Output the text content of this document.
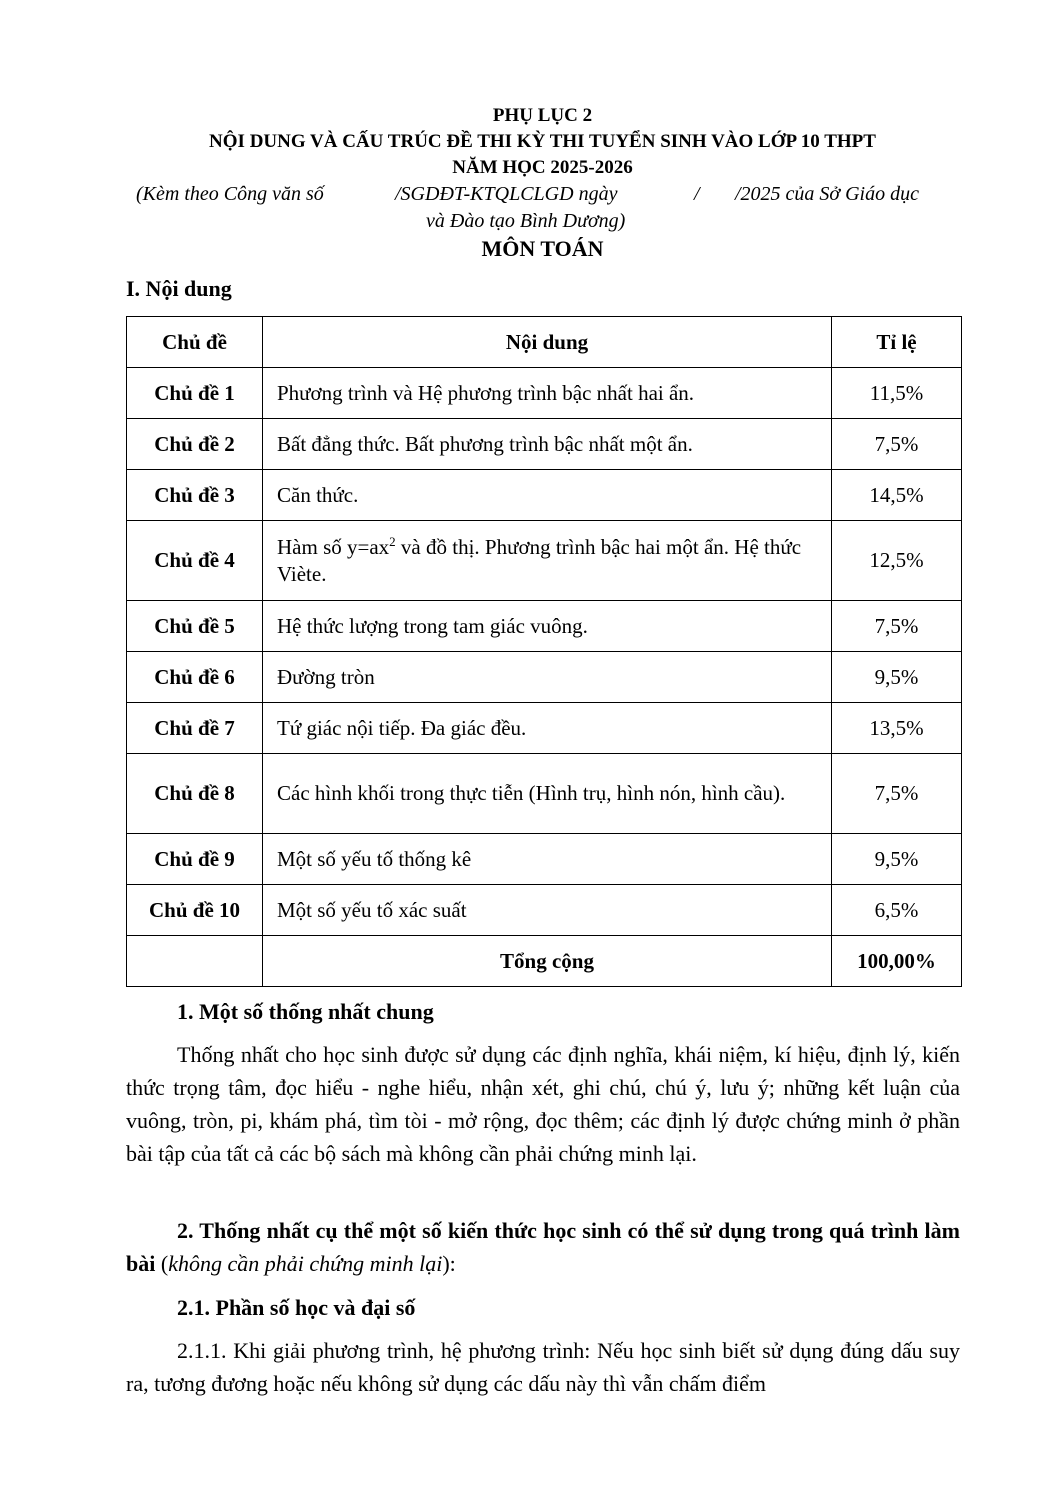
PHỤ LỤC 2
NỘI DUNG VÀ CẤU TRÚC ĐỀ THI KỲ THI TUYỂN SINH VÀO LỚP 10 THPT
NĂM HỌC 2025-2026
(Kèm theo Công văn số	/SGDĐT-KTQLCLGD ngày	/ /2025 của Sở Giáo dục
và Đào tạo Bình Dương)
MÔN TOÁN
I. Nội dung
Chủ đề	Nội dung	Tỉ lệ
Chủ đề 1	Phương trình và Hệ phương trình bậc nhất hai ẩn.	11,5%
Chủ đề 2	Bất đẳng thức. Bất phương trình bậc nhất một ẩn.	7,5%
Chủ đề 3	Căn thức.	14,5%
Chủ đề 4	Hàm số $y=ax^2$ và đồ thị. Phương trình bậc hai một ẩn. Hệ thức Viète.	12,5%
Chủ đề 5	Hệ thức lượng trong tam giác vuông.	7,5%
Chủ đề 6	Đường tròn	9,5%
Chủ đề 7	Tứ giác nội tiếp. Đa giác đều.	13,5%
Chủ đề 8	Các hình khối trong thực tiễn (Hình trụ, hình nón, hình cầu).	7,5%
Chủ đề 9	Một số yếu tố thống kê	9,5%
Chủ đề 10	Một số yếu tố xác suất	6,5%
	Tổng cộng	100,00%
1. Một số thống nhất chung
Thống nhất cho học sinh được sử dụng các định nghĩa, khái niệm, kí hiệu, định lý, kiến thức trọng tâm, đọc hiểu - nghe hiểu, nhận xét, ghi chú, chú ý, lưu ý; những kết luận của vuông, tròn, pi, khám phá, tìm tòi - mở rộng, đọc thêm; các định lý được chứng minh ở phần bài tập của tất cả các bộ sách mà không cần phải chứng minh lại.
2. Thống nhất cụ thể một số kiến thức học sinh có thể sử dụng trong quá trình làm bài (không cần phải chứng minh lại):
2.1. Phần số học và đại số
2.1.1. Khi giải phương trình, hệ phương trình: Nếu học sinh biết sử dụng đúng dấu suy ra, tương đương hoặc nếu không sử dụng các dấu này thì vẫn chấm điểm
